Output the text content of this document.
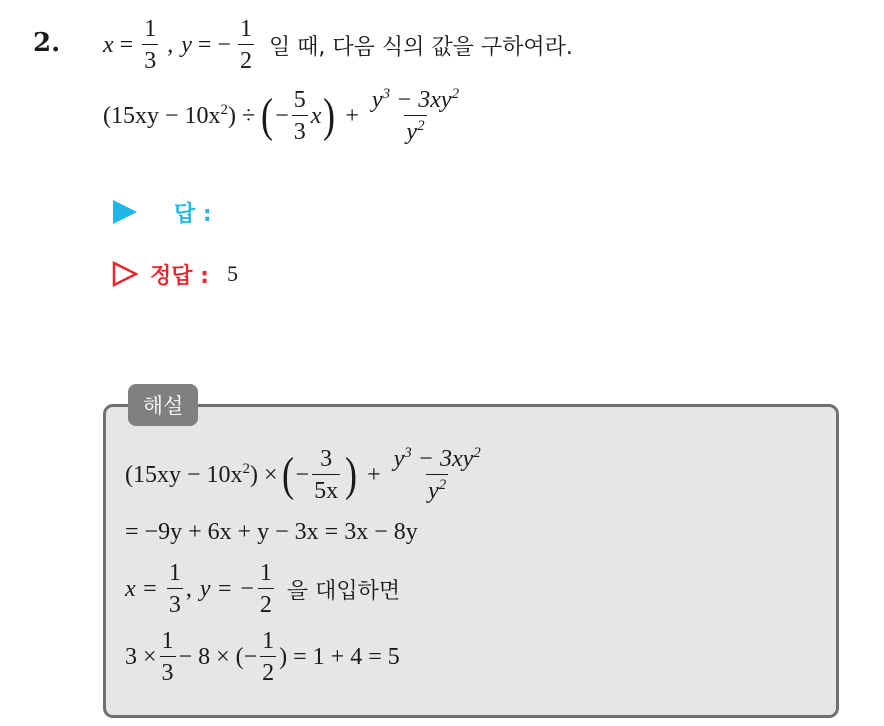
2. $x = \frac{1}{3}$ , y = − $\frac{1}{2}$ 일 때, 다음 식의 값을 구하여라.
($15xy - 10x^2$ ) ÷ ( − $\frac{5}{3}$ x ) + $\frac{y^3 - 3xy^2}{y^2}$
답 :
정답 : 5
해설
($15xy - 10x^2$ ) × ( − $\frac{3}{5x}$ ) + $\frac{y^3 - 3xy^2}{y^2}$
= −9y + 6x + y − 3x = 3x − 8y
$x = \frac{1}{3}$ , y = − $\frac{1}{2}$ 을 대입하면
$3 \times \frac{1}{3} - 8$ × (− $\frac{1}{2}$ ) = 1 + 4 = 5
